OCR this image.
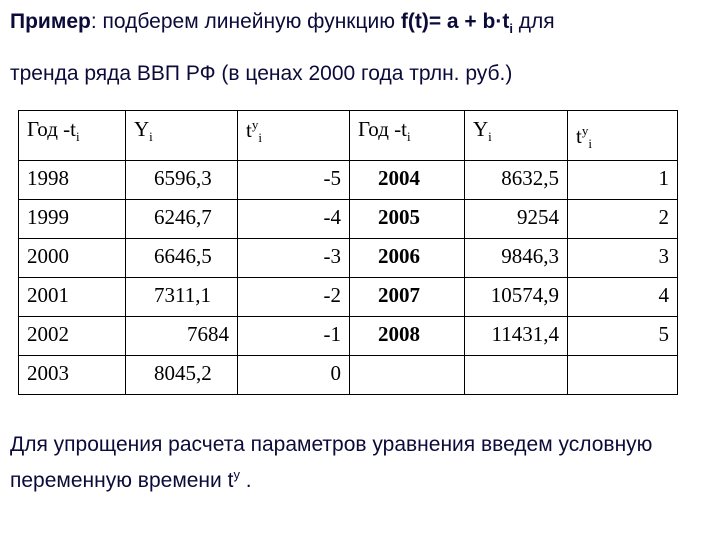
Пример: подберем линейную функцию $f(t)= a + b\cdot t_i$ для
тренда ряда ВВП РФ (в ценах 2000 года трлн. руб.)
Год $-t_i$	$Y_i$	$t^у_i$	Год $-t_i$	$Y_i$	$t^у_i$
1998	6596,3	-5	2004	8632,5	1
1999	6246,7	-4	2005	9254	2
2000	6646,5	-3	2006	9846,3	3
2001	7311,1	-2	2007	10574,9	4
2002	7684	-1	2008	11431,4	5
2003	8045,2	0			
Для упрощения расчета параметров уравнения введем условную переменную времени $t^у$ .
